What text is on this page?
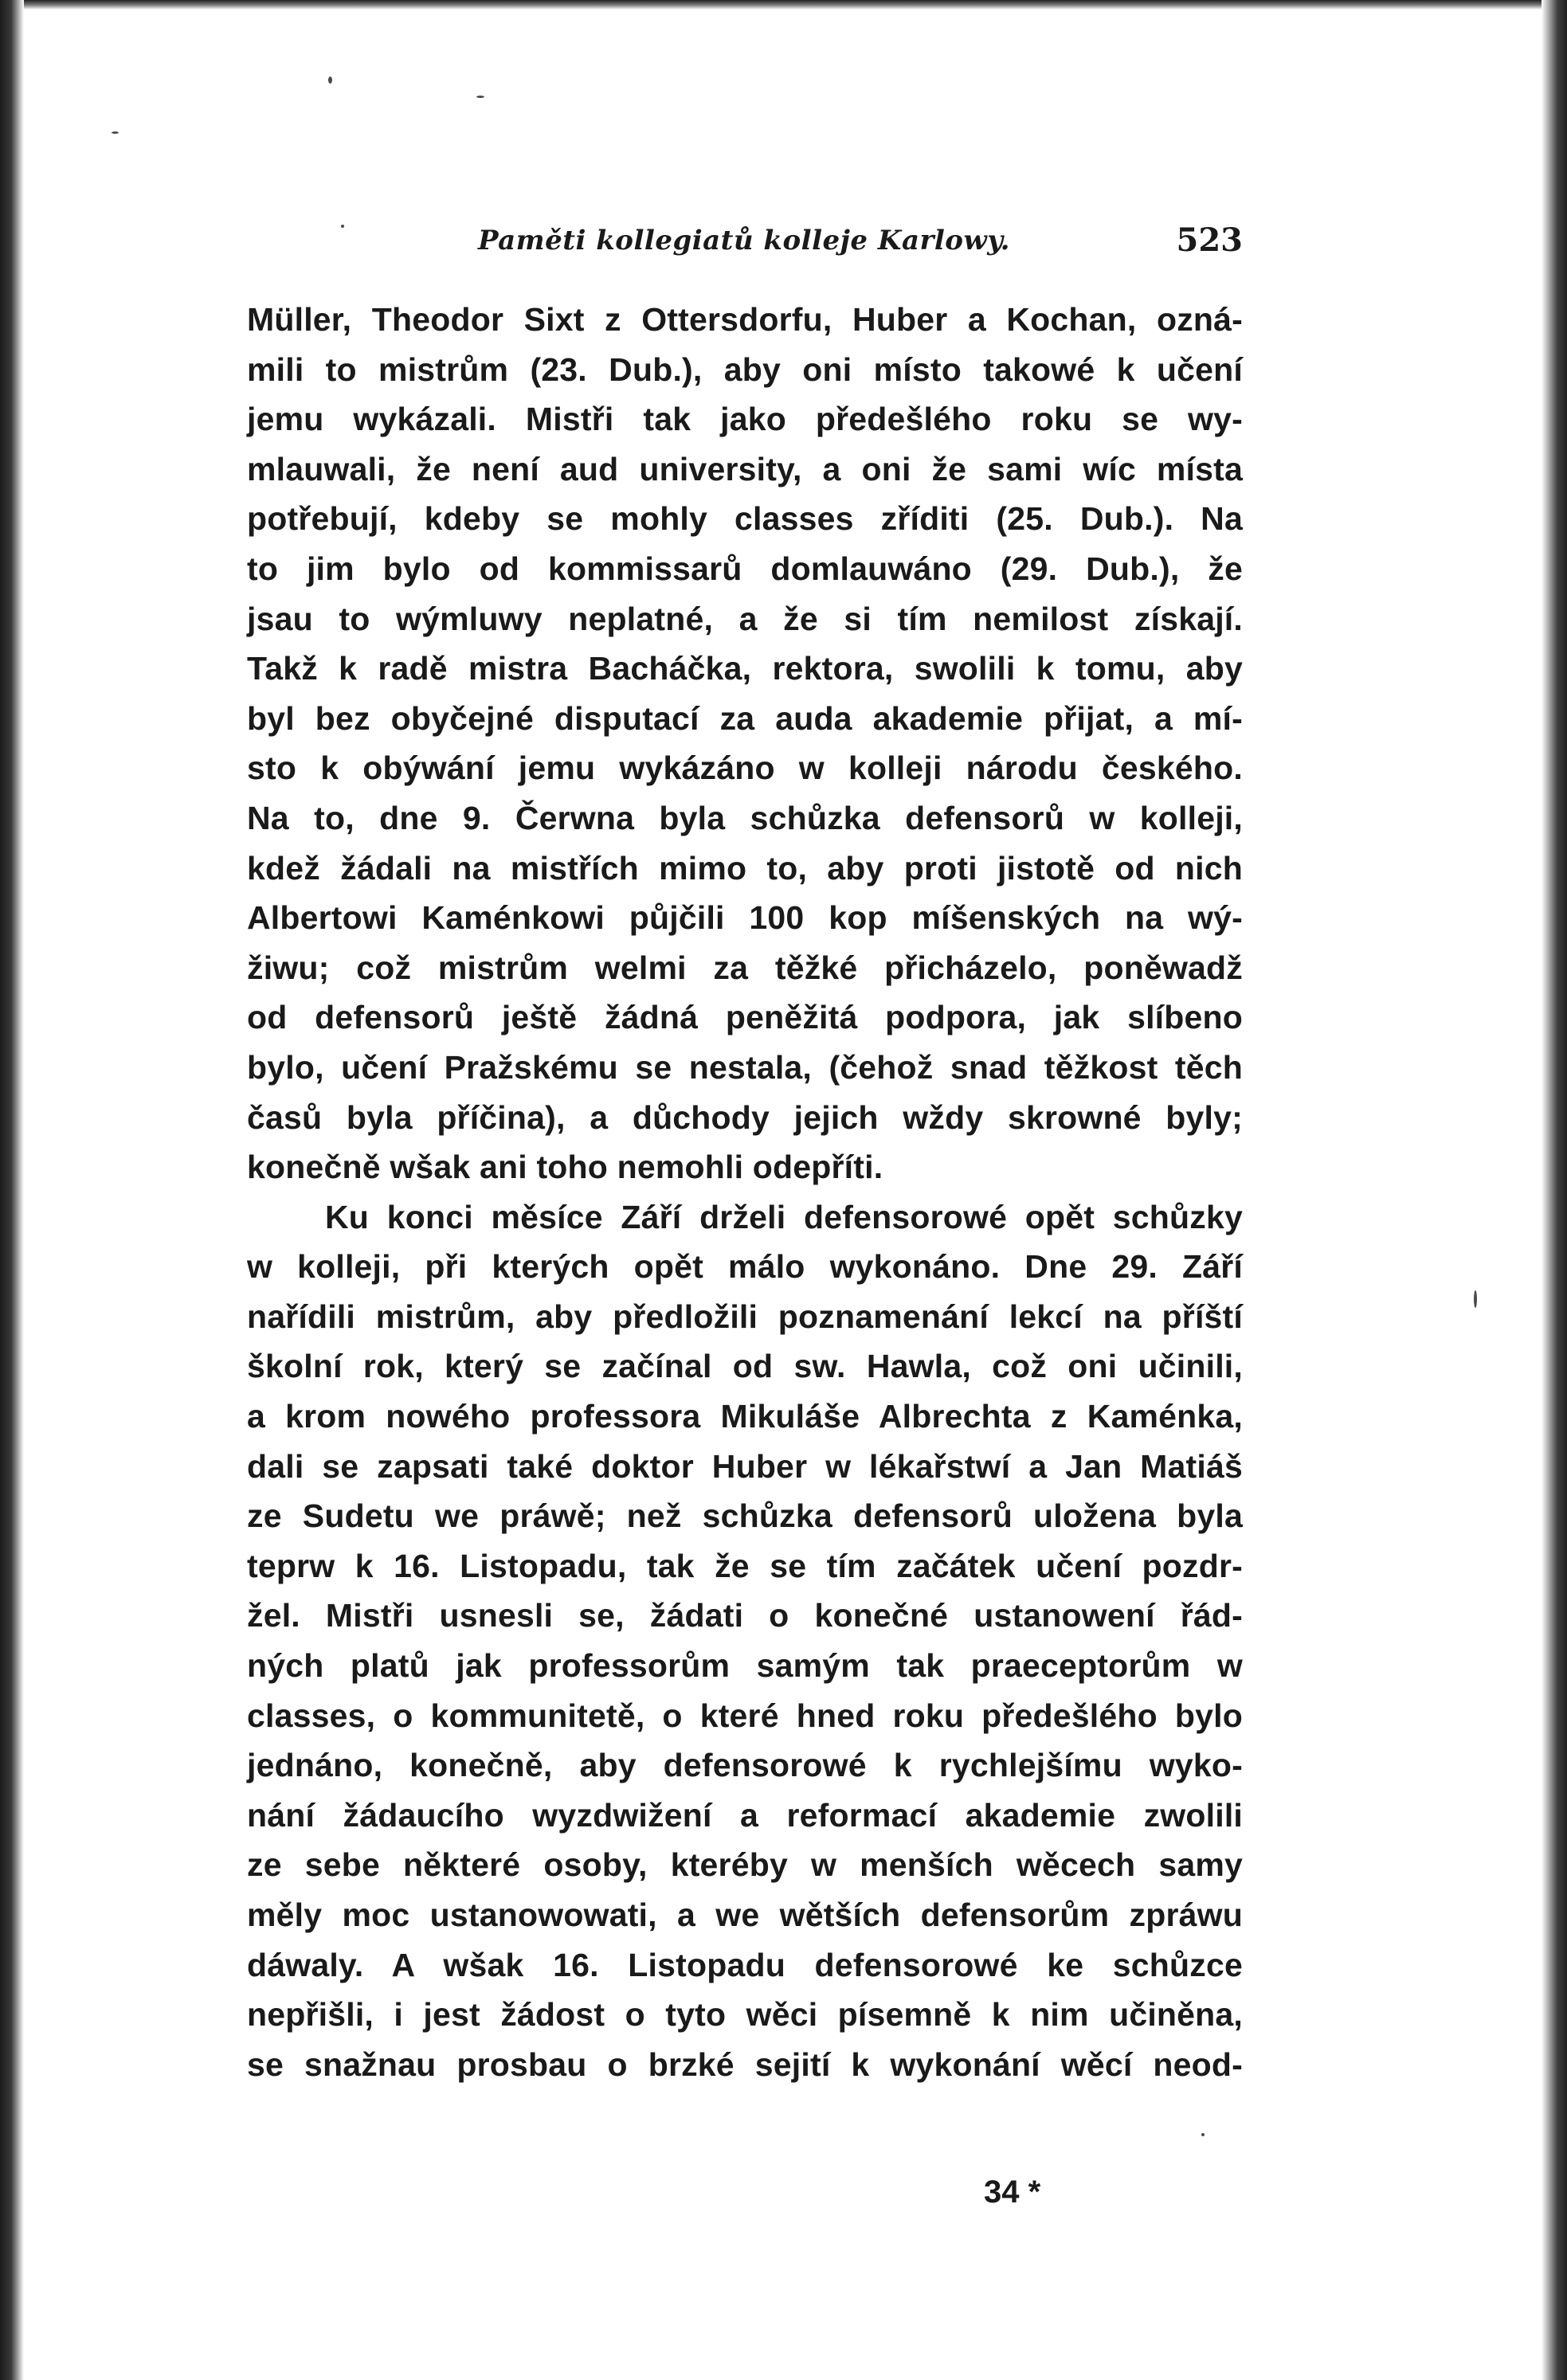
Paměti kollegiatů kolleje Karlowy.	523
Müller, Theodor Sixt z Ottersdorfu, Huber a Kochan, ozná-
mili to mistrům (23. Dub.), aby oni místo takowé k učení
jemu wykázali. Mistři tak jako předešlého roku se wy-
mlauwali, že není aud university, a oni že sami wíc místa
potřebují, kdeby se mohly classes zříditi (25. Dub.). Na
to jim bylo od kommissarů domlauwáno (29. Dub.), že
jsau to wýmluwy neplatné, a že si tím nemilost získají.
Takž k radě mistra Bacháčka, rektora, swolili k tomu, aby
byl bez obyčejné disputací za auda akademie přijat, a mí-
sto k obýwání jemu wykázáno w kolleji národu českého.
Na to, dne 9. Čerwna byla schůzka defensorů w kolleji,
kdež žádali na mistřích mimo to, aby proti jistotě od nich
Albertowi Kaménkowi půjčili 100 kop míšenských na wý-
žiwu; což mistrům welmi za těžké přicházelo, poněwadž
od defensorů ještě žádná peněžitá podpora, jak slíbeno
bylo, učení Pražskému se nestala, (čehož snad těžkost těch
časů byla příčina), a důchody jejich wždy skrowné byly;
konečně wšak ani toho nemohli odepříti.
Ku konci měsíce Září drželi defensorowé opět schůzky
w kolleji, při kterých opět málo wykonáno. Dne 29. Září
nařídili mistrům, aby předložili poznamenání lekcí na příští
školní rok, který se začínal od sw. Hawla, což oni učinili,
a krom nowého professora Mikuláše Albrechta z Kaménka,
dali se zapsati také doktor Huber w lékařstwí a Jan Matiáš
ze Sudetu we práwě; než schůzka defensorů uložena byla
teprw k 16. Listopadu, tak že se tím začátek učení pozdr-
žel. Mistři usnesli se, žádati o konečné ustanowení řád-
ných platů jak professorům samým tak praeceptorům w
classes, o kommunitetě, o které hned roku předešlého bylo
jednáno, konečně, aby defensorowé k rychlejšímu wyko-
nání žádaucího wyzdwižení a reformací akademie zwolili
ze sebe některé osoby, kteréby w menších wěcech samy
měly moc ustanowowati, a we wětších defensorům zpráwu
dáwaly. A wšak 16. Listopadu defensorowé ke schůzce
nepřišli, i jest žádost o tyto wěci písemně k nim učiněna,
se snažnau prosbau o brzké sejití k wykonání wěcí neod-
34 *
